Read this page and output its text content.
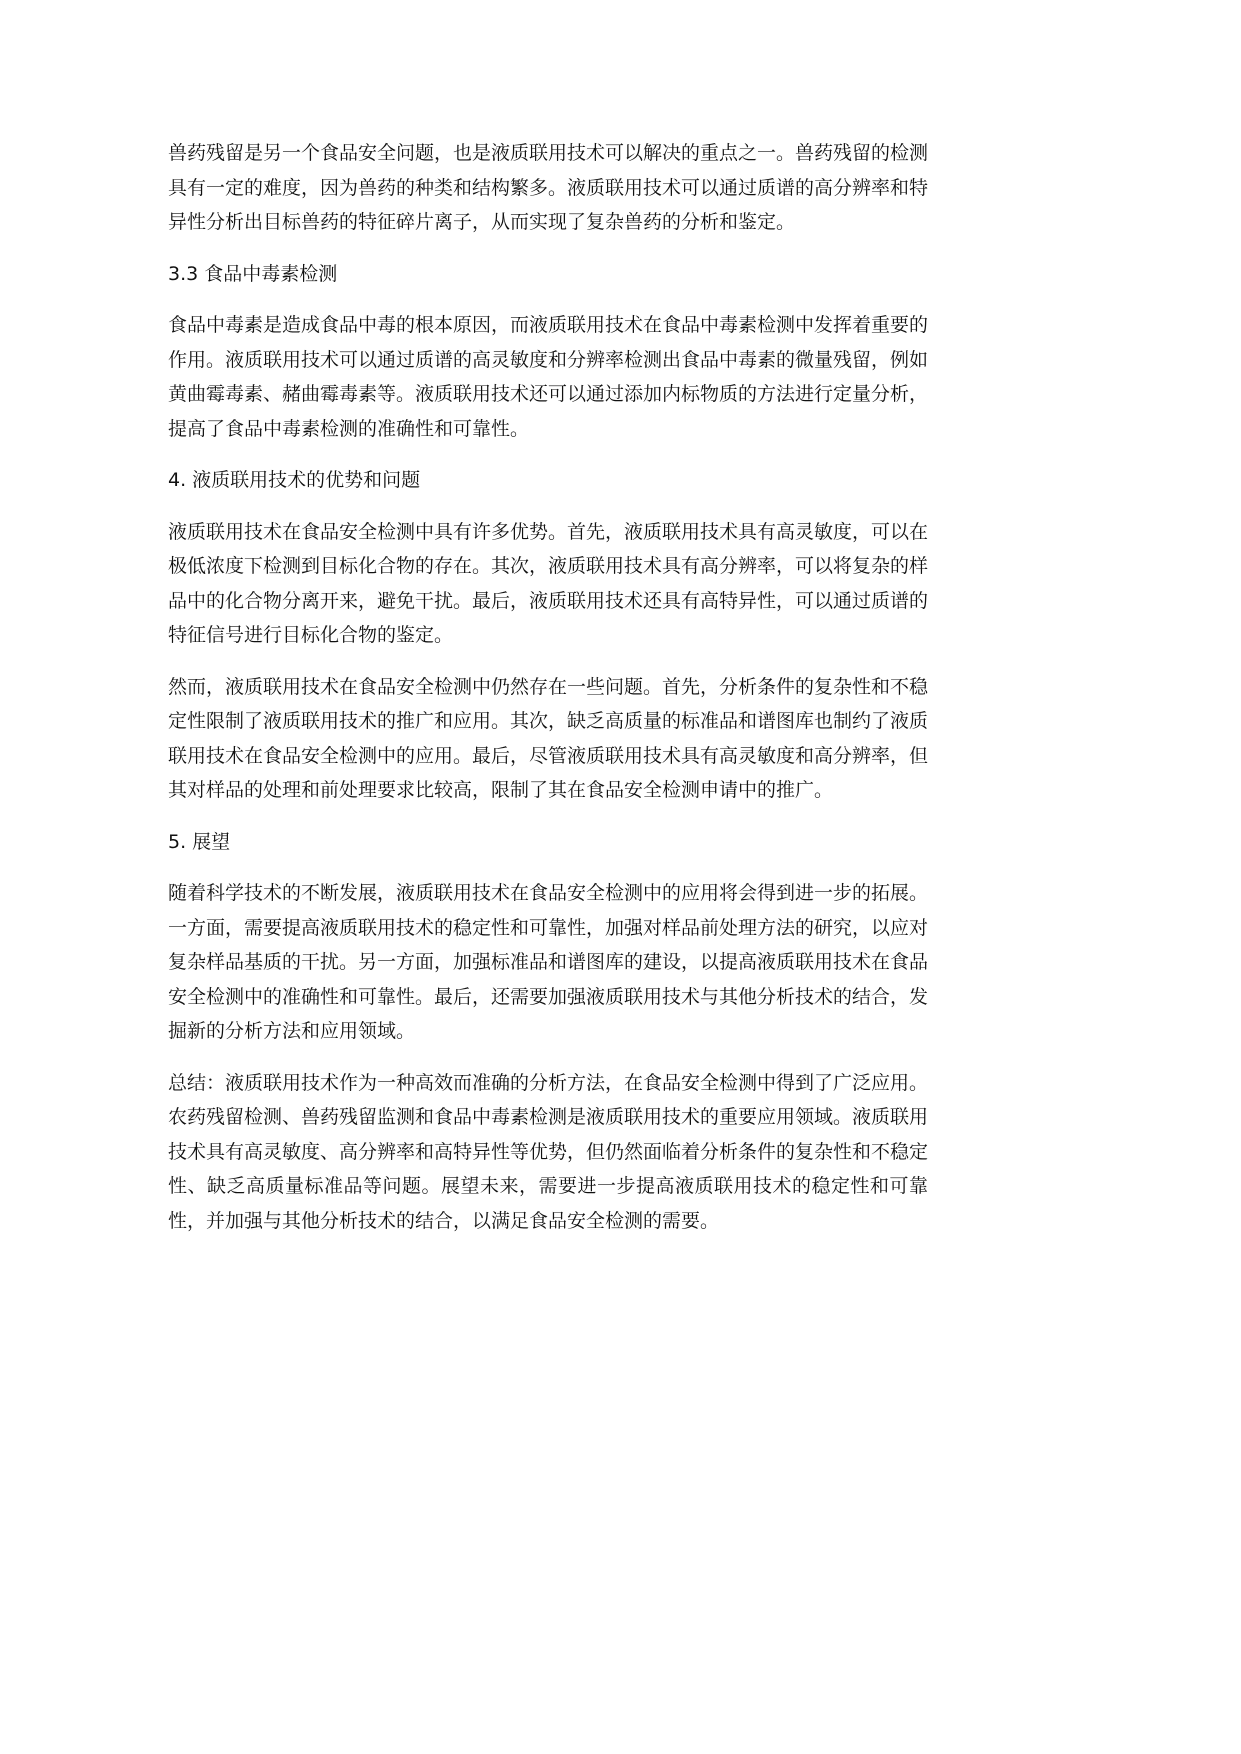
兽药残留是另一个食品安全问题，也是液质联用技术可以解决的重点之一。兽药残留的检测具有一定的难度，因为兽药的种类和结构繁多。液质联用技术可以通过质谱的高分辨率和特异性分析出目标兽药的特征碎片离子，从而实现了复杂兽药的分析和鉴定。

3.3 食品中毒素检测

食品中毒素是造成食品中毒的根本原因，而液质联用技术在食品中毒素检测中发挥着重要的作用。液质联用技术可以通过质谱的高灵敏度和分辨率检测出食品中毒素的微量残留，例如黄曲霉毒素、赭曲霉毒素等。液质联用技术还可以通过添加内标物质的方法进行定量分析，提高了食品中毒素检测的准确性和可靠性。

4. 液质联用技术的优势和问题

液质联用技术在食品安全检测中具有许多优势。首先，液质联用技术具有高灵敏度，可以在极低浓度下检测到目标化合物的存在。其次，液质联用技术具有高分辨率，可以将复杂的样品中的化合物分离开来，避免干扰。最后，液质联用技术还具有高特异性，可以通过质谱的特征信号进行目标化合物的鉴定。

然而，液质联用技术在食品安全检测中仍然存在一些问题。首先，分析条件的复杂性和不稳定性限制了液质联用技术的推广和应用。其次，缺乏高质量的标准品和谱图库也制约了液质联用技术在食品安全检测中的应用。最后，尽管液质联用技术具有高灵敏度和高分辨率，但其对样品的处理和前处理要求比较高，限制了其在食品安全检测申请中的推广。

5. 展望

随着科学技术的不断发展，液质联用技术在食品安全检测中的应用将会得到进一步的拓展。一方面，需要提高液质联用技术的稳定性和可靠性，加强对样品前处理方法的研究，以应对复杂样品基质的干扰。另一方面，加强标准品和谱图库的建设，以提高液质联用技术在食品安全检测中的准确性和可靠性。最后，还需要加强液质联用技术与其他分析技术的结合，发掘新的分析方法和应用领域。

总结：液质联用技术作为一种高效而准确的分析方法，在食品安全检测中得到了广泛应用。农药残留检测、兽药残留监测和食品中毒素检测是液质联用技术的重要应用领域。液质联用技术具有高灵敏度、高分辨率和高特异性等优势，但仍然面临着分析条件的复杂性和不稳定性、缺乏高质量标准品等问题。展望未来，需要进一步提高液质联用技术的稳定性和可靠性，并加强与其他分析技术的结合，以满足食品安全检测的需要。
